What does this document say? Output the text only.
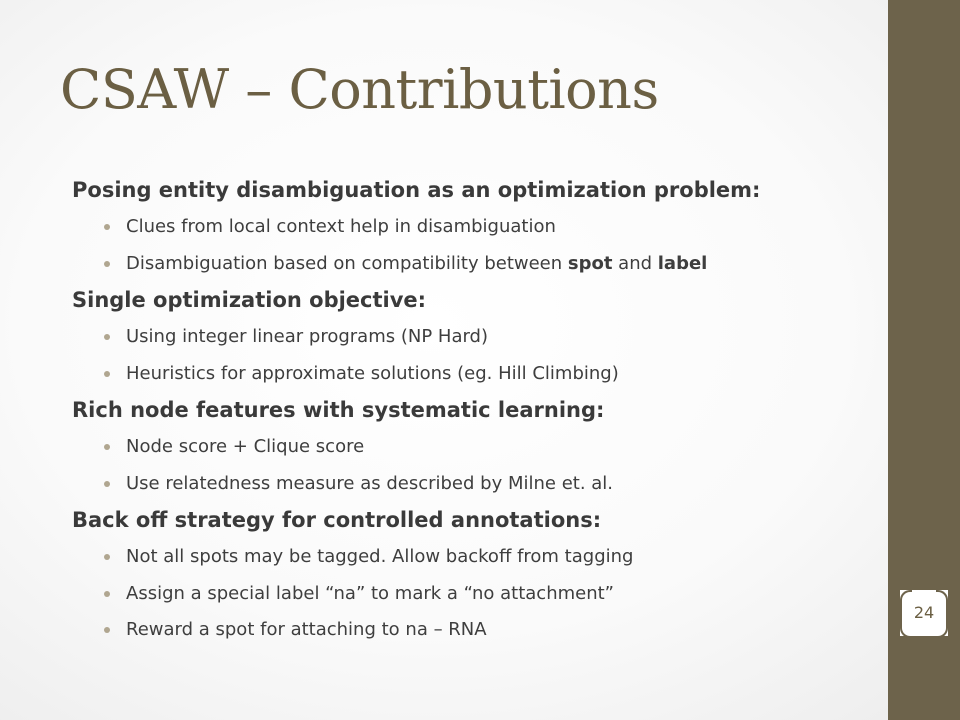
CSAW – Contributions
Posing entity disambiguation as an optimization problem:
Clues from local context help in disambiguation
Disambiguation based on compatibility between spot and label
Single optimization objective:
Using integer linear programs (NP Hard)
Heuristics for approximate solutions (eg. Hill Climbing)
Rich node features with systematic learning:
Node score + Clique score
Use relatedness measure as described by Milne et. al.
Back off strategy for controlled annotations:
Not all spots may be tagged. Allow backoff from tagging
Assign a special label “na” to mark a “no attachment”
Reward a spot for attaching to na – RNA
24
